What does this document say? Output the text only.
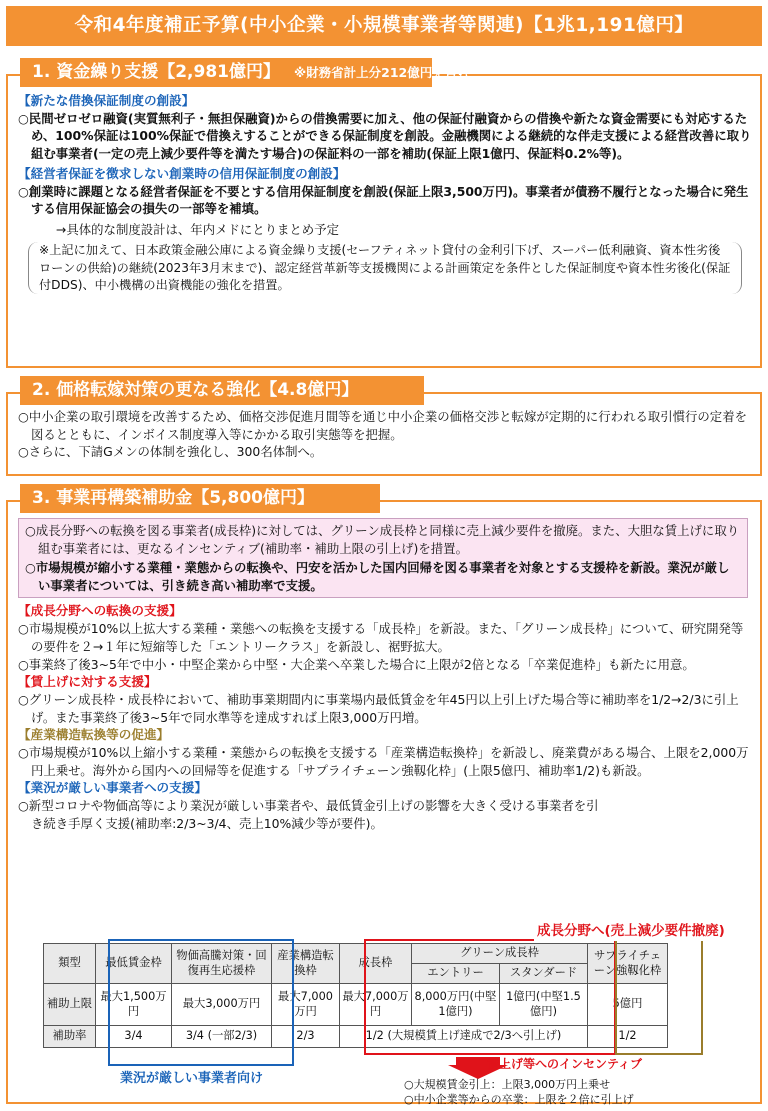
令和4年度補正予算(中小企業・小規模事業者等関連)【1兆1,191億円】
【新たな借換保証制度の創設】

○民間ゼロゼロ融資(実質無利子・無担保融資)からの借換需要に加え、他の保証付融資からの借換や新たな資金需要にも対応するため、100%保証は100%保証で借換えすることができる保証制度を創設。金融機関による継続的な伴走支援による経営改善に取り組む事業者(一定の売上減少要件等を満たす場合)の保証料の一部を補助(保証上限1億円、保証料0.2%等)。

【経営者保証を徴求しない創業時の信用保証制度の創設】

○創業時に課題となる経営者保証を不要とする信用保証制度を創設(保証上限3,500万円)。事業者が債務不履行となった場合に発生する信用保証協会の損失の一部等を補填。

→具体的な制度設計は、年内メドにとりまとめ予定

※上記に加えて、日本政策金融公庫による資金繰り支援(セーフティネット貸付の金利引下げ、スーパー低利融資、資本性劣後ローンの供給)の継続(2023年3月末まで)、認定経営革新等支援機関による計画策定を条件とした保証制度や資本性劣後化(保証付DDS)、中小機構の出資機能の強化を措置。
1. 資金繰り支援【2,981億円】 ※財務省計上分212億円を含む

○中小企業の取引環境を改善するため、価格交渉促進月間等を通じ中小企業の価格交渉と転嫁が定期的に行われる取引慣行の定着を図るとともに、インボイス制度導入等にかかる取引実態等を把握。

○さらに、下請Gメンの体制を強化し、300名体制へ。

2. 価格転嫁対策の更なる強化【4.8億円】

○成長分野への転換を図る事業者(成長枠)に対しては、グリーン成長枠と同様に売上減少要件を撤廃。また、大胆な賃上げに取り組む事業者には、更なるインセンティブ(補助率・補助上限の引上げ)を措置。

○市場規模が縮小する業種・業態からの転換や、円安を活かした国内回帰を図る事業者を対象とする支援枠を新設。業況が厳しい事業者については、引き続き高い補助率で支援。

【成長分野への転換の支援】

○市場規模が10%以上拡大する業種・業態への転換を支援する「成長枠」を新設。また、「グリーン成長枠」について、研究開発等の要件を２→１年に短縮等した「エントリークラス」を新設し、裾野拡大。

○事業終了後3~5年で中小・中堅企業から中堅・大企業へ卒業した場合に上限が2倍となる「卒業促進枠」も新たに用意。

【賃上げに対する支援】

○グリーン成長枠・成長枠において、補助事業期間内に事業場内最低賃金を年45円以上引上げた場合等に補助率を1/2→2/3に引上げ。また事業終了後3~5年で同水準等を達成すれば上限3,000万円増。

【産業構造転換等の促進】

○市場規模が10%以上縮小する業種・業態からの転換を支援する「産業構造転換枠」を新設し、廃業費がある場合、上限を2,000万円上乗せ。海外から国内への回帰等を促進する「サプライチェーン強靱化枠」(上限5億円、補助率1/2)も新設。

【業況が厳しい事業者への支援】

○新型コロナや物価高等により業況が厳しい事業者や、最低賃金引上げの影響を大きく受ける事業者を引き続き手厚く支援(補助率:2/3~3/4、売上10%減少等が要件)。

3. 事業再構築補助金【5,800億円】
類型	最低賃金枠	物価高騰対策・回復再生応援枠	産業構造転換枠	成長枠	グリーン成長枠		サプライチェーン強靱化枠
					エントリー	スタンダード	
補助上限	最大1,500万円	最大3,000万円	最大7,000万円	最大7,000万円	8,000万円(中堅1億円)	1億円(中堅1.5億円)	5億円
補助率	3/4	3/4 (一部2/3)	2/3	1/2 (大規模賃上げ達成で2/3へ引上げ)			1/2
成長分野へ(売上減少要件撤廃)
業況が厳しい事業者向け
賃上げ等へのインセンティブ
○大規模賃金引上：上限3,000万円上乗せ
○中小企業等からの卒業：上限を２倍に引上げ
